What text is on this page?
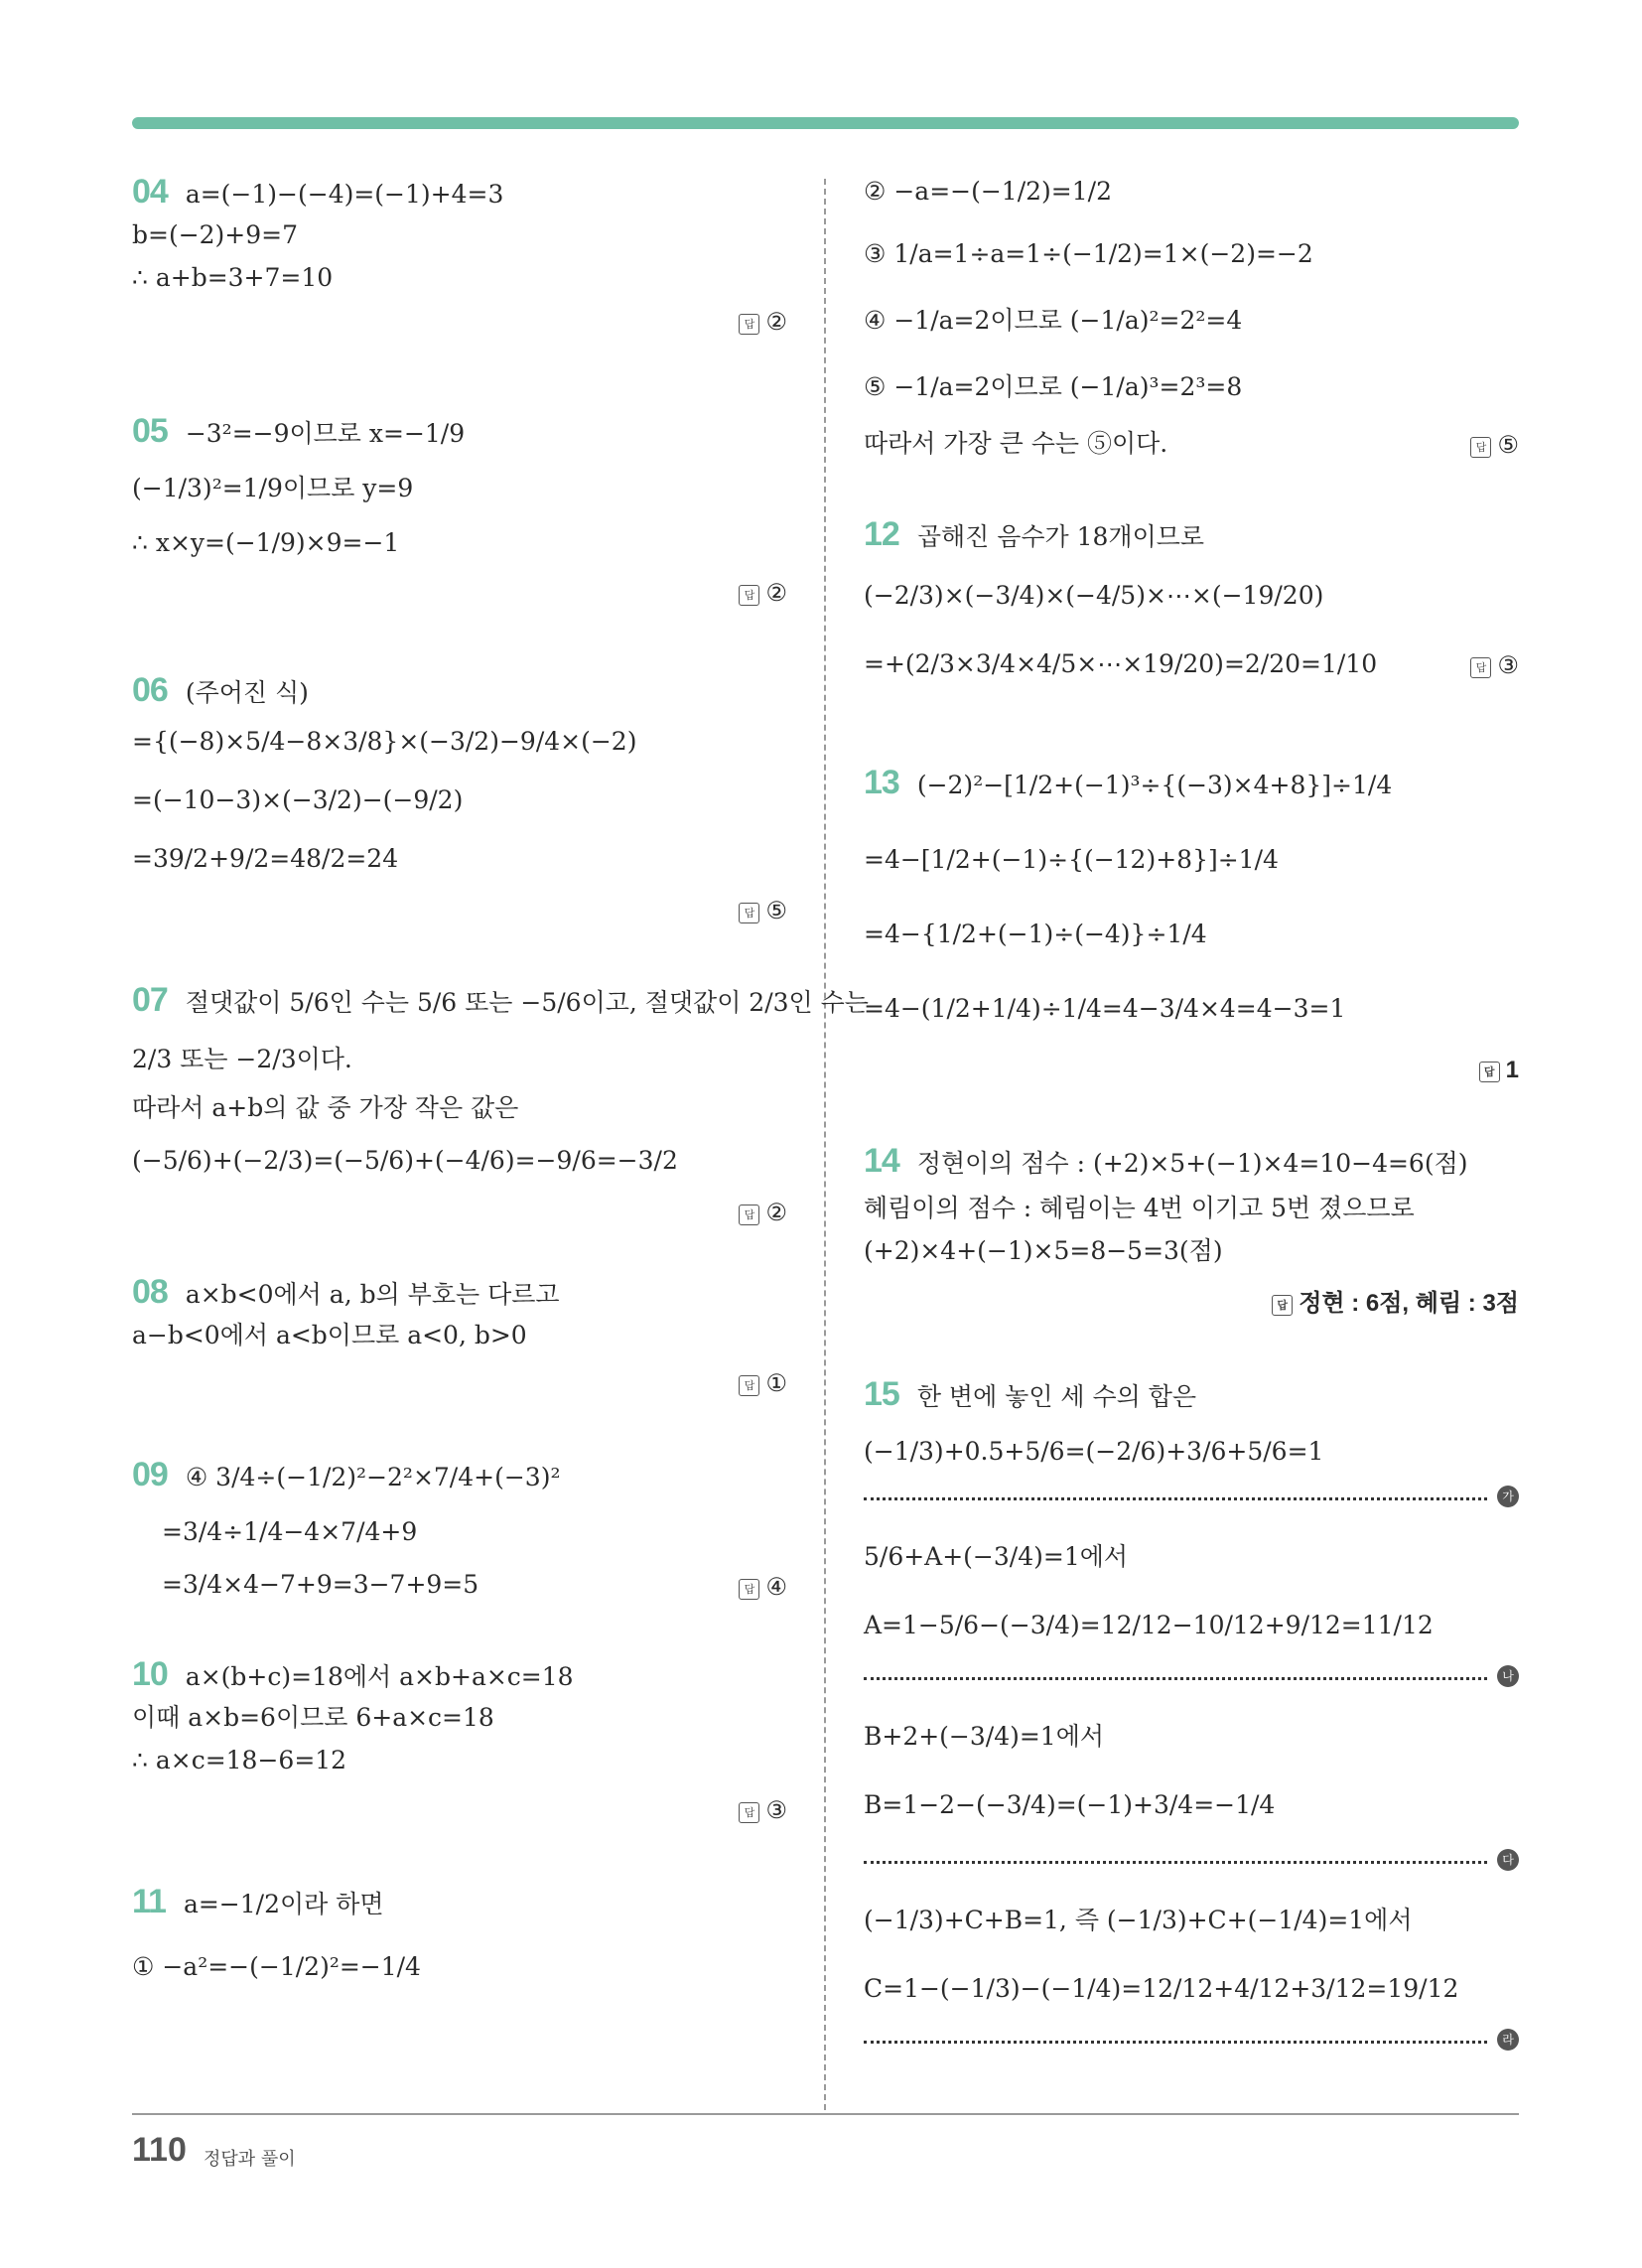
04 a=(−1)−(−4)=(−1)+4=3
b=(−2)+9=7
∴ a+b=3+7=10
답 ②
05 −3²=−9이므로 x=−1/9
(−1/3)²=1/9이므로 y=9
∴ x×y=(−1/9)×9=−1
답 ②
06 (주어진 식)
={(−8)×5/4−8×3/8}×(−3/2)−9/4×(−2)
=(−10−3)×(−3/2)−(−9/2)
=39/2+9/2=48/2=24
답 ⑤
07 절댓값이 5/6인 수는 5/6 또는 −5/6이고, 절댓값이 2/3인 수는
2/3 또는 −2/3이다.
따라서 a+b의 값 중 가장 작은 값은
(−5/6)+(−2/3)=(−5/6)+(−4/6)=−9/6=−3/2
답 ②
08 a×b<0에서 a, b의 부호는 다르고
a−b<0에서 a<b이므로 a<0, b>0
답 ①
09 ④ 3/4÷(−1/2)²−2²×7/4+(−3)²
=3/4÷1/4−4×7/4+9
=3/4×4−7+9=3−7+9=5	답 ④
10 a×(b+c)=18에서 a×b+a×c=18
이때 a×b=6이므로 6+a×c=18
∴ a×c=18−6=12
답 ③
11 a=−1/2이라 하면
① −a²=−(−1/2)²=−1/4
② −a=−(−1/2)=1/2
③ 1/a=1÷a=1÷(−1/2)=1×(−2)=−2
④ −1/a=2이므로 (−1/a)²=2²=4
⑤ −1/a=2이므로 (−1/a)³=2³=8
따라서 가장 큰 수는 ⑤이다.	답 ⑤
12 곱해진 음수가 18개이므로
(−2/3)×(−3/4)×(−4/5)×⋯×(−19/20)
=+(2/3×3/4×4/5×⋯×19/20)=2/20=1/10	답 ③
13 (−2)²−[1/2+(−1)³÷{(−3)×4+8}]÷1/4
=4−[1/2+(−1)÷{(−12)+8}]÷1/4
=4−{1/2+(−1)÷(−4)}÷1/4
=4−(1/2+1/4)÷1/4=4−3/4×4=4−3=1
답 1
14 정현이의 점수 : (+2)×5+(−1)×4=10−4=6(점)
혜림이의 점수 : 혜림이는 4번 이기고 5번 졌으므로
(+2)×4+(−1)×5=8−5=3(점)
답 정현 : 6점, 혜림 : 3점
15 한 변에 놓인 세 수의 합은
(−1/3)+0.5+5/6=(−2/6)+3/6+5/6=1
가
5/6+A+(−3/4)=1에서
A=1−5/6−(−3/4)=12/12−10/12+9/12=11/12
나
B+2+(−3/4)=1에서
B=1−2−(−3/4)=(−1)+3/4=−1/4
다
(−1/3)+C+B=1, 즉 (−1/3)+C+(−1/4)=1에서
C=1−(−1/3)−(−1/4)=12/12+4/12+3/12=19/12
라
110 정답과 풀이
